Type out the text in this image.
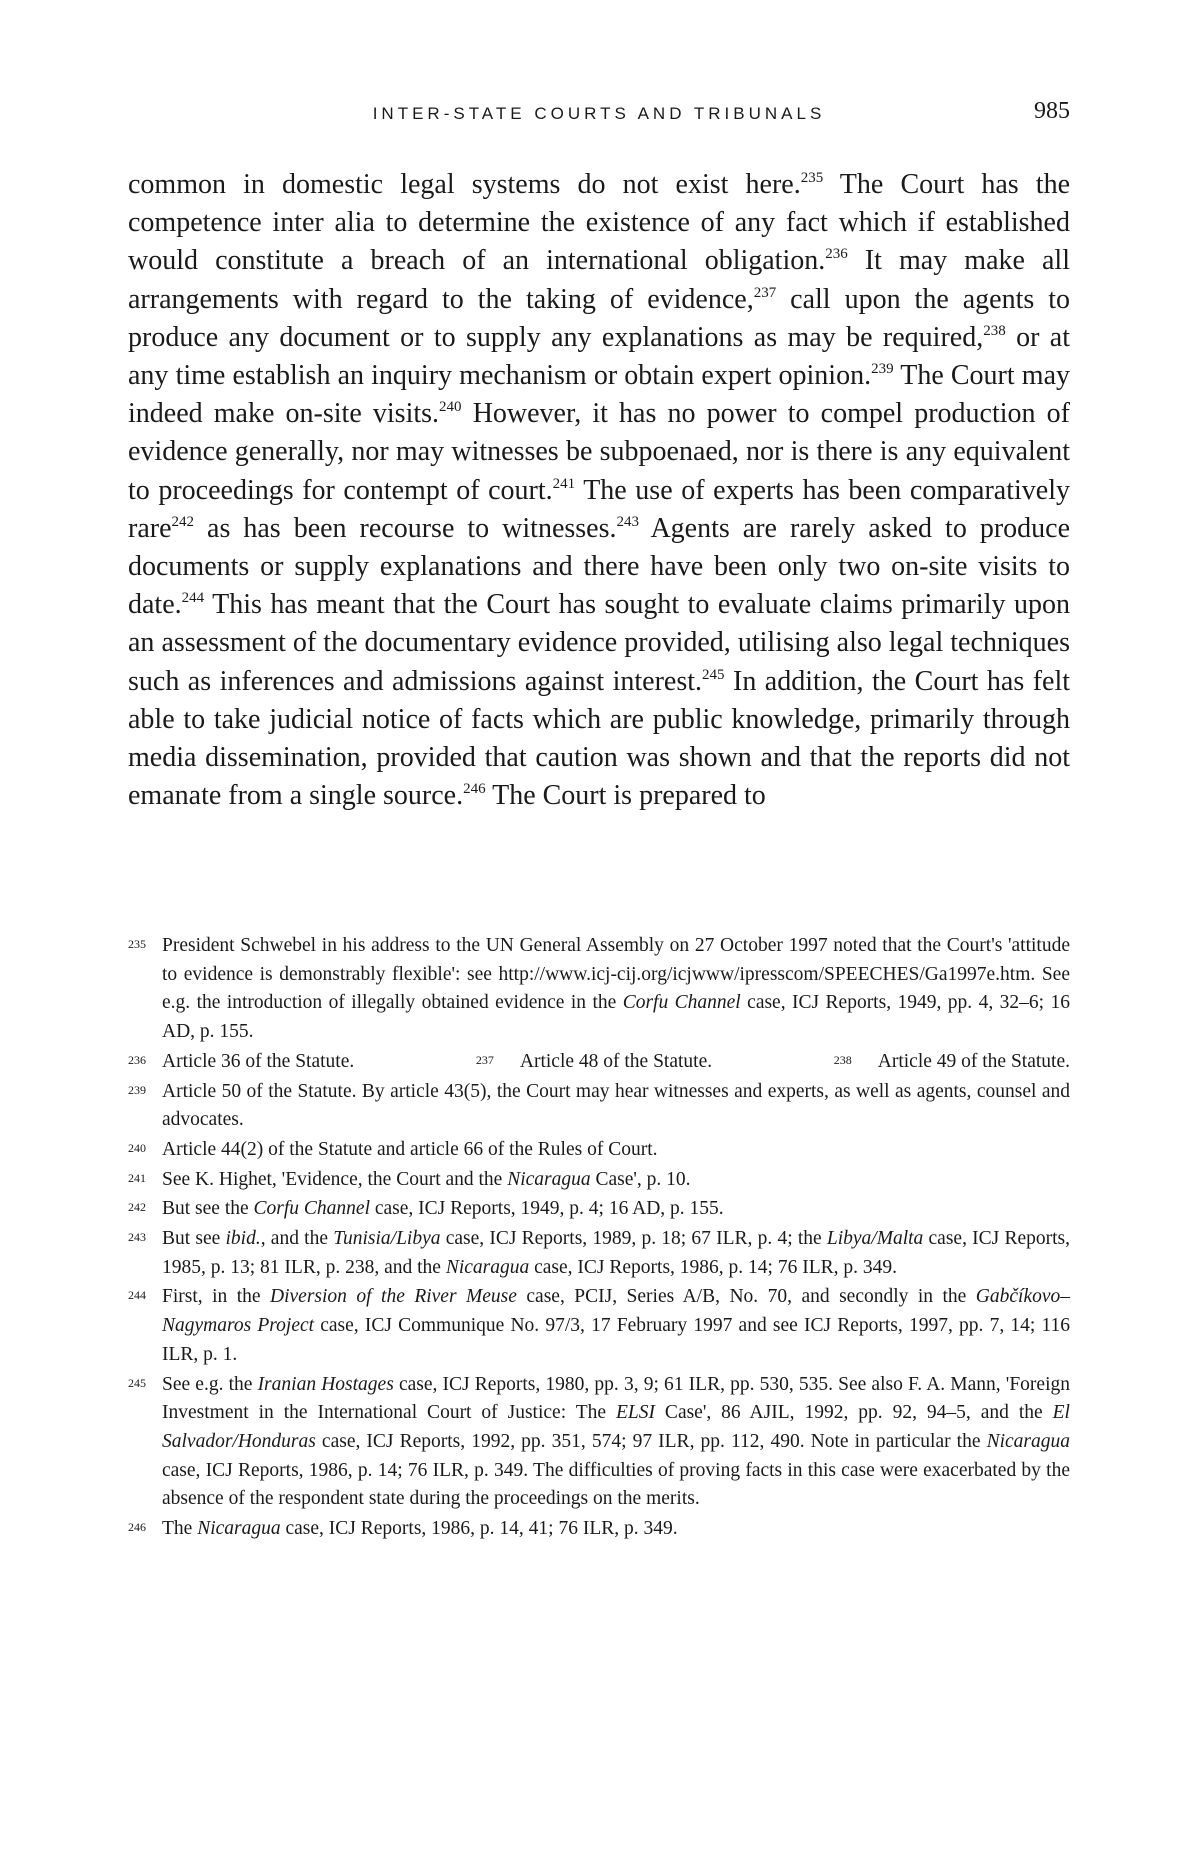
INTER-STATE COURTS AND TRIBUNALS	985

common in domestic legal systems do not exist here.$^{235}$ The Court has the competence inter alia to determine the existence of any fact which if established would constitute a breach of an international obligation.$^{236}$ It may make all arrangements with regard to the taking of evidence,$^{237}$ call upon the agents to produce any document or to supply any explanations as may be required,$^{238}$ or at any time establish an inquiry mechanism or obtain expert opinion.$^{239}$ The Court may indeed make on-site visits.$^{240}$ However, it has no power to compel production of evidence generally, nor may witnesses be subpoenaed, nor is there is any equivalent to proceedings for contempt of court.$^{241}$ The use of experts has been comparatively rare$^{242}$ as has been recourse to witnesses.$^{243}$ Agents are rarely asked to produce documents or supply explanations and there have been only two on-site visits to date.$^{244}$ This has meant that the Court has sought to evaluate claims primarily upon an assessment of the documentary evidence provided, utilising also legal techniques such as inferences and admissions against interest.$^{245}$ In addition, the Court has felt able to take judicial notice of facts which are public knowledge, primarily through media dissemination, provided that caution was shown and that the reports did not emanate from a single source.$^{246}$ The Court is prepared to

235 President Schwebel in his address to the UN General Assembly on 27 October 1997 noted that the Court's 'attitude to evidence is demonstrably flexible': see http://www.icj-cij.org/icjwww/ipresscom/SPEECHES/Ga1997e.htm. See e.g. the introduction of illegally obtained evidence in the Corfu Channel case, ICJ Reports, 1949, pp. 4, 32–6; 16 AD, p. 155.
236 Article 36 of the Statute.	237 Article 48 of the Statute.	238 Article 49 of the Statute.
239 Article 50 of the Statute. By article 43(5), the Court may hear witnesses and experts, as well as agents, counsel and advocates.
240 Article 44(2) of the Statute and article 66 of the Rules of Court.
241 See K. Highet, 'Evidence, the Court and the Nicaragua Case', p. 10.
242 But see the Corfu Channel case, ICJ Reports, 1949, p. 4; 16 AD, p. 155.
243 But see ibid., and the Tunisia/Libya case, ICJ Reports, 1989, p. 18; 67 ILR, p. 4; the Libya/Malta case, ICJ Reports, 1985, p. 13; 81 ILR, p. 238, and the Nicaragua case, ICJ Reports, 1986, p. 14; 76 ILR, p. 349.
244 First, in the Diversion of the River Meuse case, PCIJ, Series A/B, No. 70, and secondly in the Gabčíkovo–Nagymaros Project case, ICJ Communique No. 97/3, 17 February 1997 and see ICJ Reports, 1997, pp. 7, 14; 116 ILR, p. 1.
245 See e.g. the Iranian Hostages case, ICJ Reports, 1980, pp. 3, 9; 61 ILR, pp. 530, 535. See also F. A. Mann, 'Foreign Investment in the International Court of Justice: The ELSI Case', 86 AJIL, 1992, pp. 92, 94–5, and the El Salvador/Honduras case, ICJ Reports, 1992, pp. 351, 574; 97 ILR, pp. 112, 490. Note in particular the Nicaragua case, ICJ Reports, 1986, p. 14; 76 ILR, p. 349. The difficulties of proving facts in this case were exacerbated by the absence of the respondent state during the proceedings on the merits.
246 The Nicaragua case, ICJ Reports, 1986, p. 14, 41; 76 ILR, p. 349.
